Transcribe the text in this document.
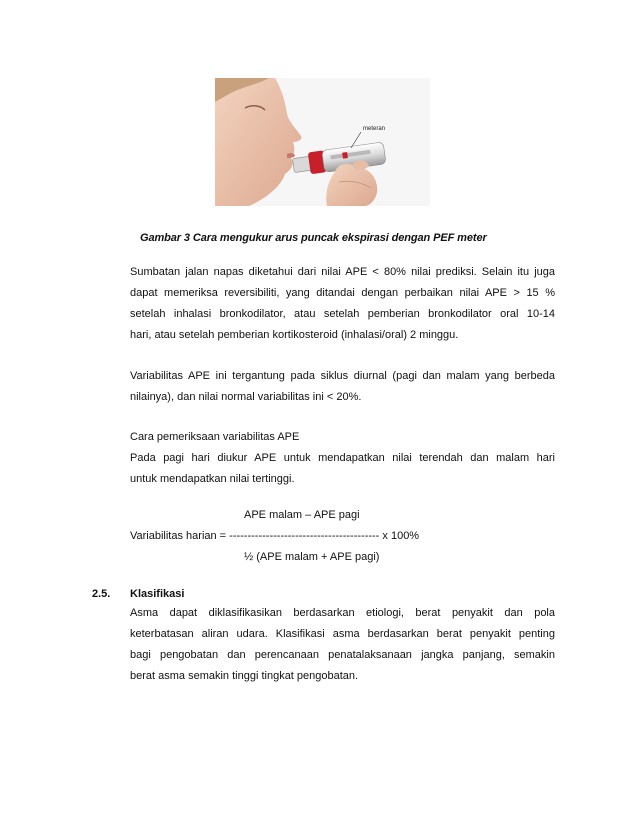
meteran
Gambar 3 Cara mengukur arus puncak ekspirasi dengan PEF meter
Sumbatan jalan napas diketahui dari nilai APE < 80% nilai prediksi. Selain itu juga
dapat memeriksa reversibiliti, yang ditandai dengan perbaikan nilai APE > 15 %
setelah inhalasi bronkodilator, atau setelah pemberian bronkodilator oral 10-14
hari, atau setelah pemberian kortikosteroid (inhalasi/oral) 2 minggu.
Variabilitas APE ini tergantung pada siklus diurnal (pagi dan malam yang berbeda
nilainya), dan nilai normal variabilitas ini < 20%.
Cara pemeriksaan variabilitas APE
Pada pagi hari diukur APE untuk mendapatkan nilai terendah dan malam hari
untuk mendapatkan nilai tertinggi.
APE malam – APE pagi
Variabilitas harian = ----------------------------------------- x 100%
½ (APE malam + APE pagi)
2.5. Klasifikasi
Asma dapat diklasifikasikan berdasarkan etiologi, berat penyakit dan pola
keterbatasan aliran udara. Klasifikasi asma berdasarkan berat penyakit penting
bagi pengobatan dan perencanaan penatalaksanaan jangka panjang, semakin
berat asma semakin tinggi tingkat pengobatan.
